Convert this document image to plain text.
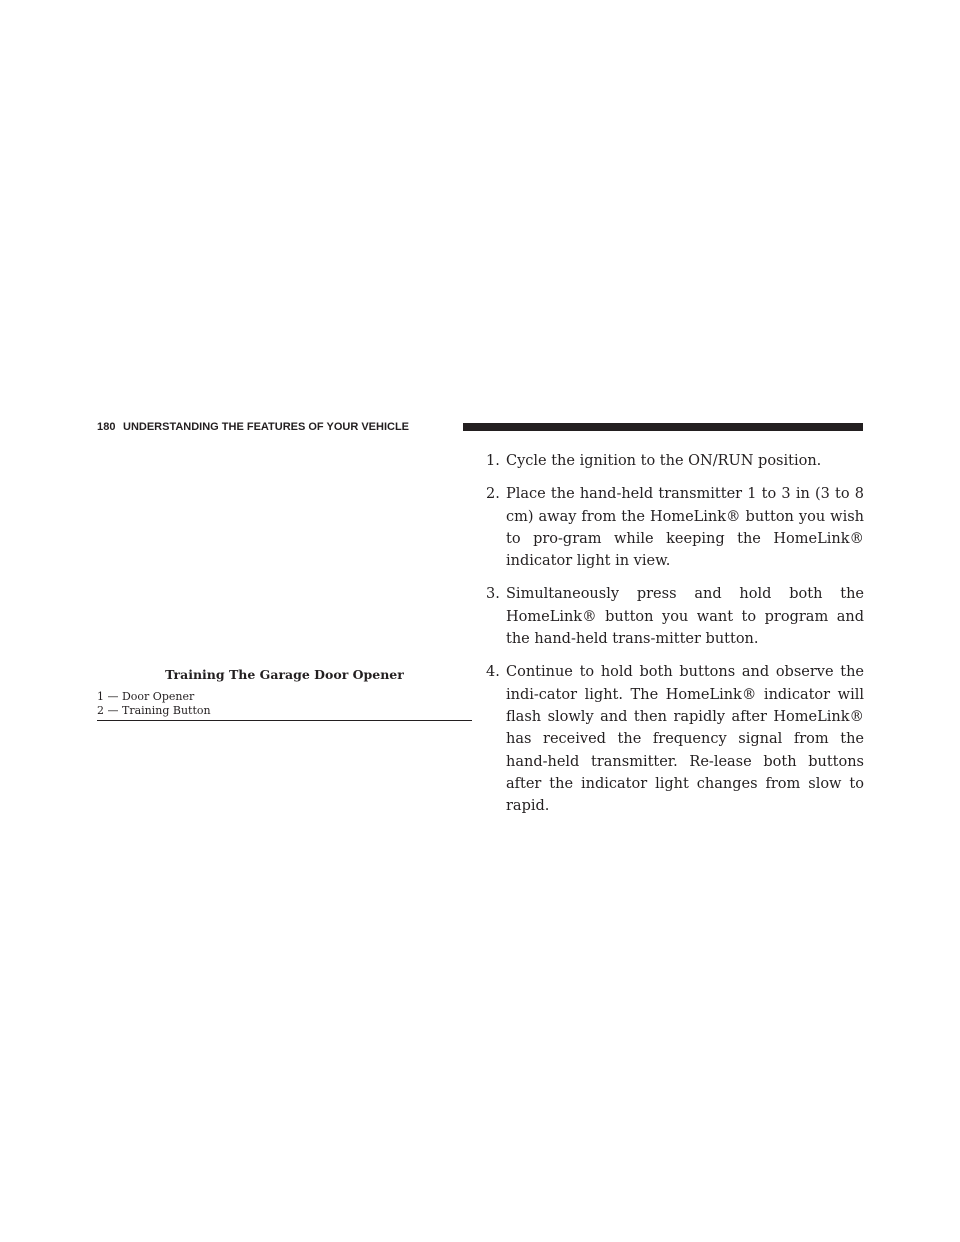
180 UNDERSTANDING THE FEATURES OF YOUR VEHICLE

Training The Garage Door Opener

1 — Door Opener
2 — Training Button
1. Cycle the ignition to the ON/RUN position.
2. Place the hand-held transmitter 1 to 3 in (3 to 8 cm) away from the HomeLink® button you wish to pro-gram while keeping the HomeLink® indicator light in view.
3. Simultaneously press and hold both the HomeLink® button you want to program and the hand-held trans-mitter button.
4. Continue to hold both buttons and observe the indi-cator light. The HomeLink® indicator will flash slowly and then rapidly after HomeLink® has received the frequency signal from the hand-held transmitter. Re-lease both buttons after the indicator light changes from slow to rapid.
